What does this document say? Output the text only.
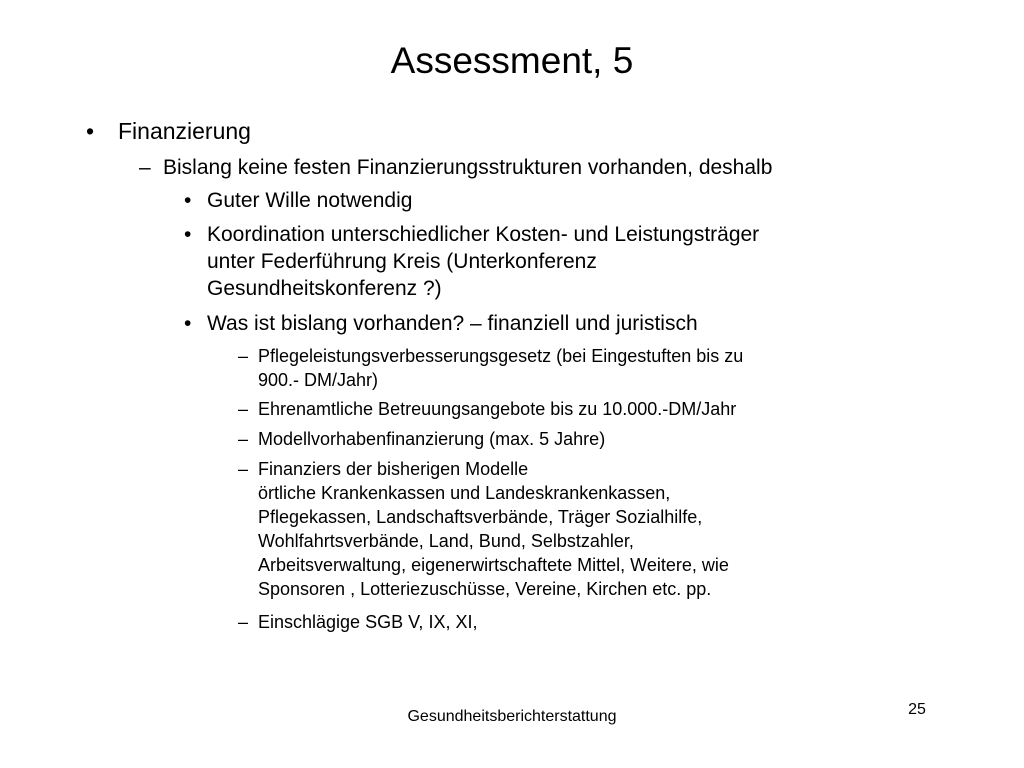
Assessment, 5
• Finanzierung
– Bislang keine festen Finanzierungsstrukturen vorhanden, deshalb
• Guter Wille notwendig
• Koordination unterschiedlicher Kosten- und Leistungsträger
unter Federführung Kreis (Unterkonferenz
Gesundheitskonferenz ?)
• Was ist bislang vorhanden? – finanziell und juristisch
– Pflegeleistungsverbesserungsgesetz (bei Eingestuften bis zu
900.- DM/Jahr)
– Ehrenamtliche Betreuungsangebote bis zu 10.000.-DM/Jahr
– Modellvorhabenfinanzierung (max. 5 Jahre)
– Finanziers der bisherigen Modelle
örtliche Krankenkassen und Landeskrankenkassen,
Pflegekassen, Landschaftsverbände, Träger Sozialhilfe,
Wohlfahrtsverbände, Land, Bund, Selbstzahler,
Arbeitsverwaltung, eigenerwirtschaftete Mittel, Weitere, wie
Sponsoren , Lotteriezuschüsse, Vereine, Kirchen etc. pp.
– Einschlägige SGB V, IX, XI,
Gesundheitsberichterstattung	25
